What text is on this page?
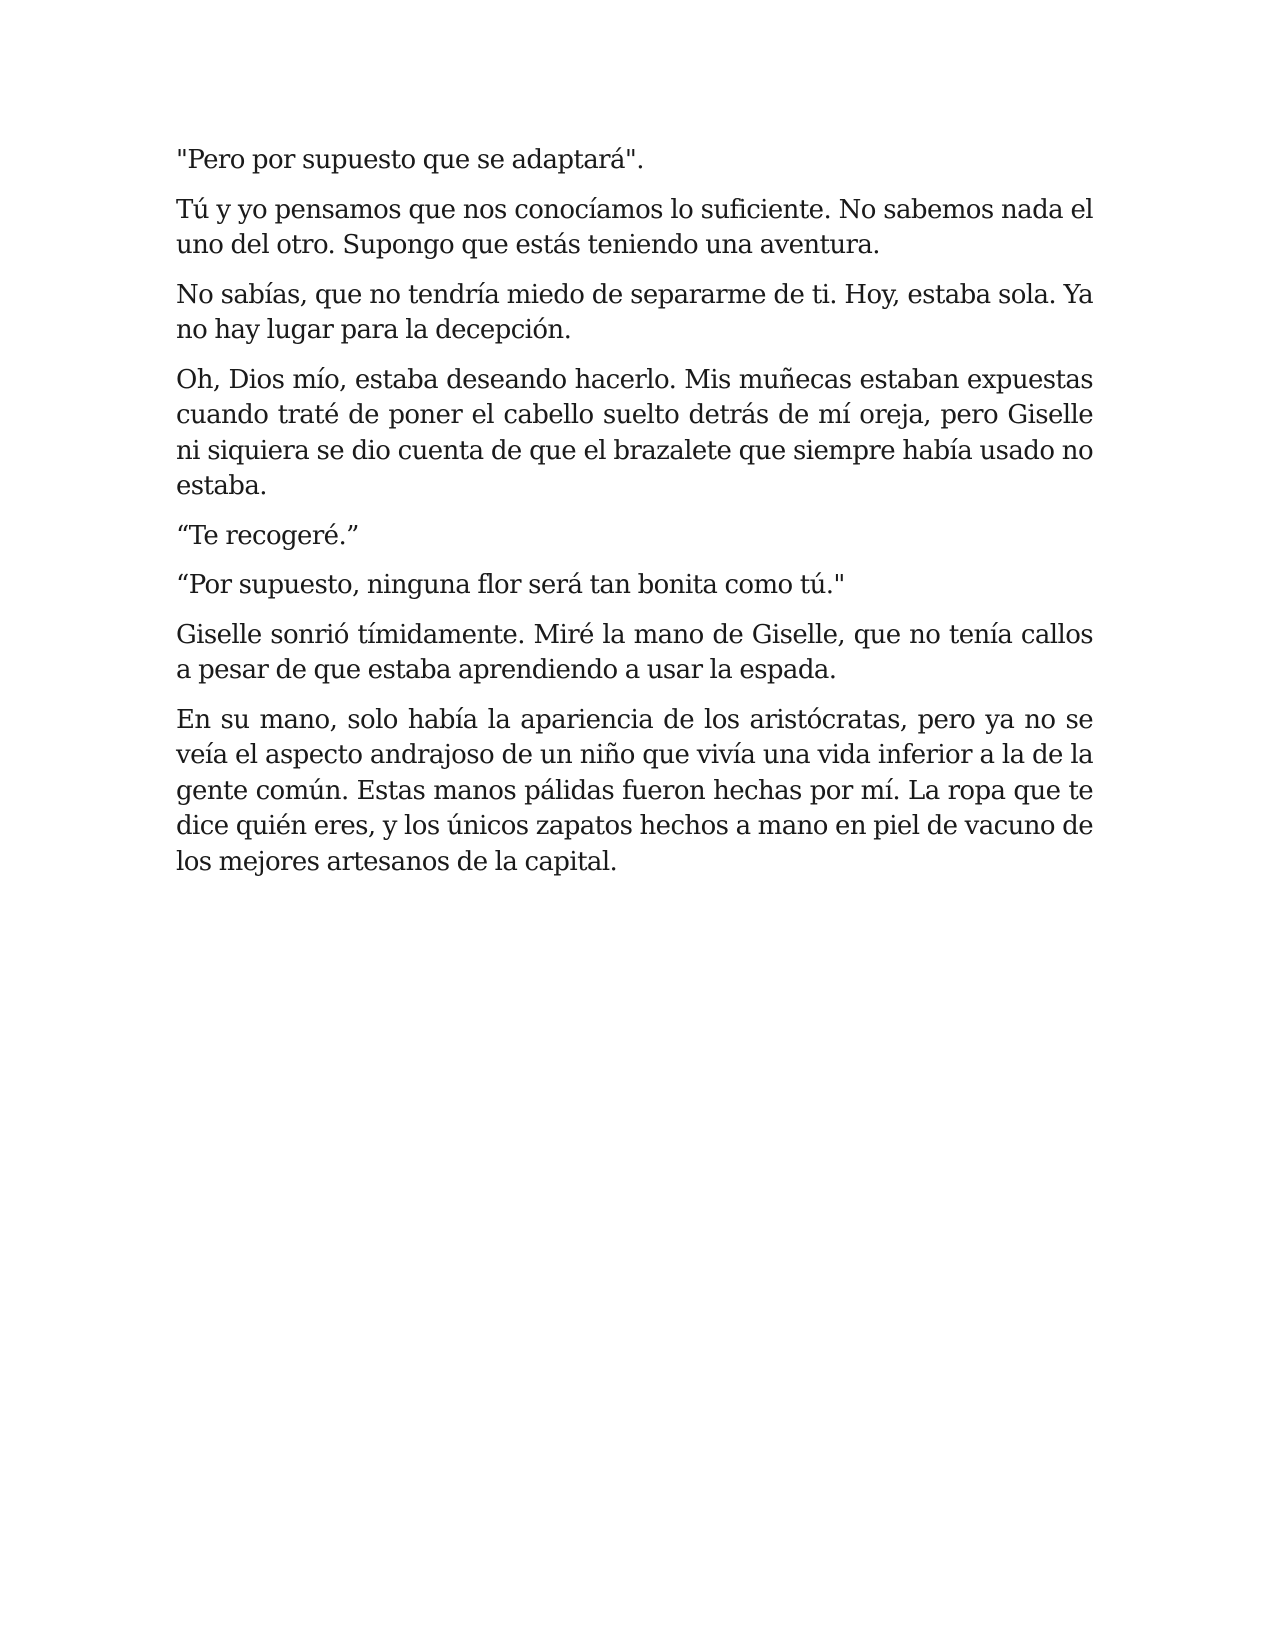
"Pero por supuesto que se adaptará".

Tú y yo pensamos que nos conocíamos lo suficiente. No sabemos nada el uno del otro. Supongo que estás teniendo una aventura.

No sabías, que no tendría miedo de separarme de ti. Hoy, estaba sola. Ya no hay lugar para la decepción.

Oh, Dios mío, estaba deseando hacerlo. Mis muñecas estaban expuestas cuando traté de poner el cabello suelto detrás de mí oreja, pero Giselle ni siquiera se dio cuenta de que el brazalete que siempre había usado no estaba.

“Te recogeré.”

“Por supuesto, ninguna flor será tan bonita como tú."

Giselle sonrió tímidamente. Miré la mano de Giselle, que no tenía callos a pesar de que estaba aprendiendo a usar la espada.

En su mano, solo había la apariencia de los aristócratas, pero ya no se veía el aspecto andrajoso de un niño que vivía una vida inferior a la de la gente común. Estas manos pálidas fueron hechas por mí. La ropa que te dice quién eres, y los únicos zapatos hechos a mano en piel de vacuno de los mejores artesanos de la capital.
